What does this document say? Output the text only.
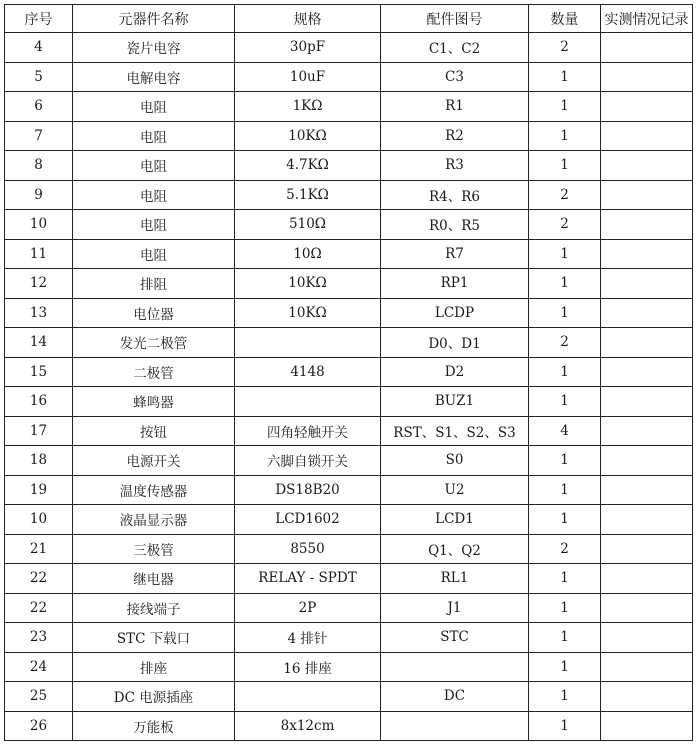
序号	元器件名称	规格	配件图号	数量	实测情况记录
4	瓷片电容	30pF	C1、C2	2	
5	电解电容	10uF	C3	1	
6	电阻	1KΩ	R1	1	
7	电阻	10KΩ	R2	1	
8	电阻	4.7KΩ	R3	1	
9	电阻	5.1KΩ	R4、R6	2	
10	电阻	510Ω	R0、R5	2	
11	电阻	10Ω	R7	1	
12	排阻	10KΩ	RP1	1	
13	电位器	10KΩ	LCDP	1	
14	发光二极管		D0、D1	2	
15	二极管	4148	D2	1	
16	蜂鸣器		BUZ1	1	
17	按钮	四角轻触开关	RST、S1、S2、S3	4	
18	电源开关	六脚自锁开关	S0	1	
19	温度传感器	DS18B20	U2	1	
10	液晶显示器	LCD1602	LCD1	1	
21	三极管	8550	Q1、Q2	2	
22	继电器	RELAY - SPDT	RL1	1	
22	接线端子	2P	J1	1	
23	STC 下载口	4 排针	STC	1	
24	排座	16 排座		1	
25	DC 电源插座		DC	1	
26	万能板	8x12cm		1	
